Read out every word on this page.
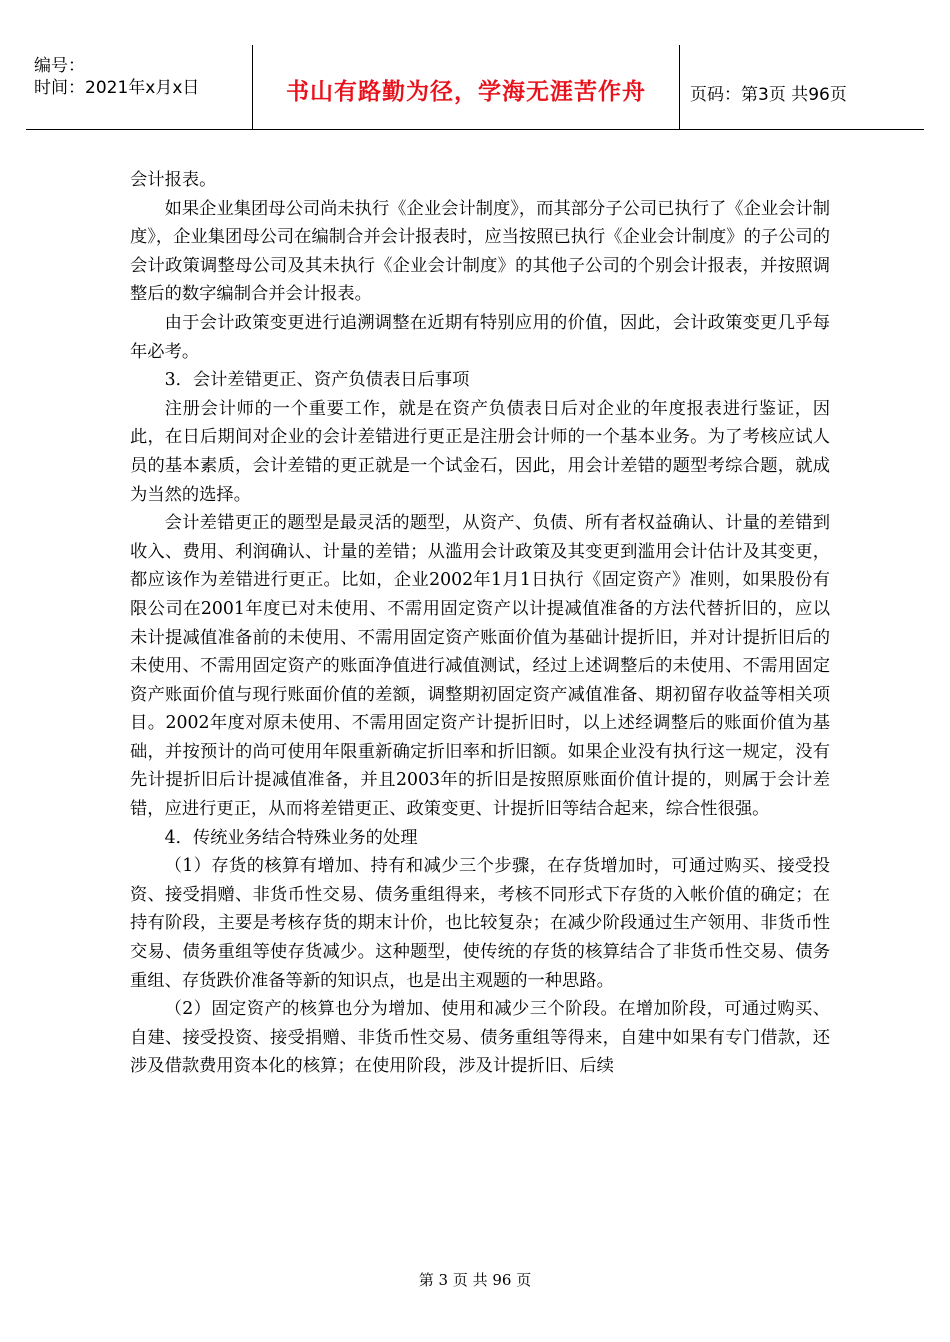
编号：
时间：2021年x月x日	书山有路勤为径，学海无涯苦作舟	页码：第3页 共96页

会计报表。

如果企业集团母公司尚未执行《企业会计制度》，而其部分子公司已执行了《企业会计制度》，企业集团母公司在编制合并会计报表时，应当按照已执行《企业会计制度》的子公司的会计政策调整母公司及其未执行《企业会计制度》的其他子公司的个别会计报表，并按照调整后的数字编制合并会计报表。

由于会计政策变更进行追溯调整在近期有特别应用的价值，因此，会计政策变更几乎每年必考。

3．会计差错更正、资产负债表日后事项

注册会计师的一个重要工作，就是在资产负债表日后对企业的年度报表进行鉴证，因此，在日后期间对企业的会计差错进行更正是注册会计师的一个基本业务。为了考核应试人员的基本素质，会计差错的更正就是一个试金石，因此，用会计差错的题型考综合题，就成为当然的选择。

会计差错更正的题型是最灵活的题型，从资产、负债、所有者权益确认、计量的差错到收入、费用、利润确认、计量的差错；从滥用会计政策及其变更到滥用会计估计及其变更，都应该作为差错进行更正。比如，企业2002年1月1日执行《固定资产》准则，如果股份有限公司在2001年度已对未使用、不需用固定资产以计提减值准备的方法代替折旧的，应以未计提减值准备前的未使用、不需用固定资产账面价值为基础计提折旧，并对计提折旧后的未使用、不需用固定资产的账面净值进行减值测试，经过上述调整后的未使用、不需用固定资产账面价值与现行账面价值的差额，调整期初固定资产减值准备、期初留存收益等相关项目。2002年度对原未使用、不需用固定资产计提折旧时，以上述经调整后的账面价值为基础，并按预计的尚可使用年限重新确定折旧率和折旧额。如果企业没有执行这一规定，没有先计提折旧后计提减值准备，并且2003年的折旧是按照原账面价值计提的，则属于会计差错，应进行更正，从而将差错更正、政策变更、计提折旧等结合起来，综合性很强。

4．传统业务结合特殊业务的处理

（1）存货的核算有增加、持有和减少三个步骤，在存货增加时，可通过购买、接受投资、接受捐赠、非货币性交易、债务重组得来，考核不同形式下存货的入帐价值的确定；在持有阶段，主要是考核存货的期末计价，也比较复杂；在减少阶段通过生产领用、非货币性交易、债务重组等使存货减少。这种题型，使传统的存货的核算结合了非货币性交易、债务重组、存货跌价准备等新的知识点，也是出主观题的一种思路。

（2）固定资产的核算也分为增加、使用和减少三个阶段。在增加阶段，可通过购买、自建、接受投资、接受捐赠、非货币性交易、债务重组等得来，自建中如果有专门借款，还涉及借款费用资本化的核算；在使用阶段，涉及计提折旧、后续

第 3 页 共 96 页
